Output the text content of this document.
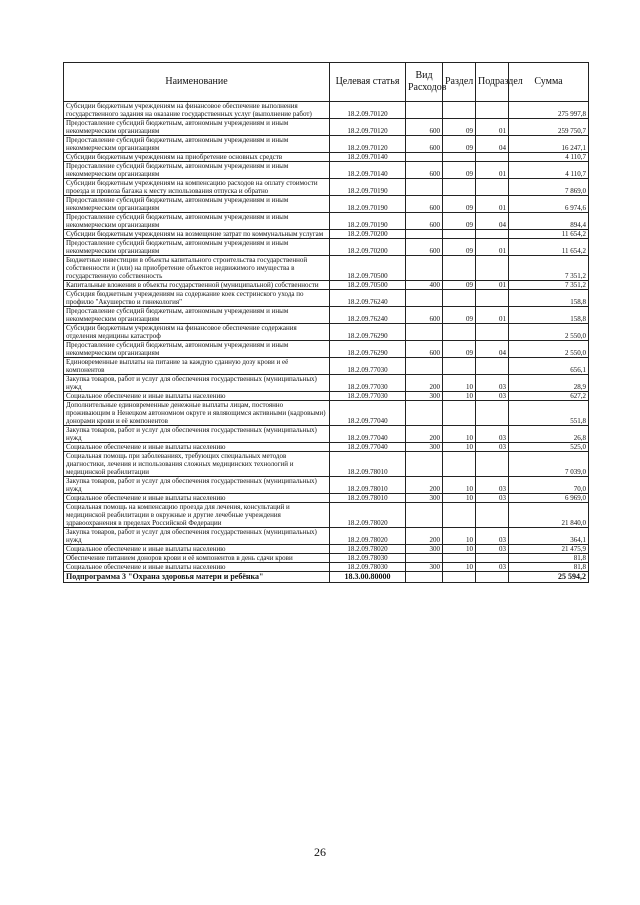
Наименование	Целевая статья	Вид Расходов	Раздел	Подраздел	Сумма
Субсидии бюджетным учреждениям на финансовое обеспечение выполнения государственного задания на оказание государственных услуг (выполнение работ)	18.2.09.70120				275 997,8
Предоставление субсидий бюджетным, автономным учреждениям и иным некоммерческим организациям	18.2.09.70120	600	09	01	259 750,7
Предоставление субсидий бюджетным, автономным учреждениям и иным некоммерческим организациям	18.2.09.70120	600	09	04	16 247,1
Субсидии бюджетным учреждениям на приобретение основных средств	18.2.09.70140				4 110,7
Предоставление субсидий бюджетным, автономным учреждениям и иным некоммерческим организациям	18.2.09.70140	600	09	01	4 110,7
Субсидии бюджетным учреждениям на компенсацию расходов на оплату стоимости проезда и провоза багажа к месту использования отпуска и обратно	18.2.09.70190				7 869,0
Предоставление субсидий бюджетным, автономным учреждениям и иным некоммерческим организациям	18.2.09.70190	600	09	01	6 974,6
Предоставление субсидий бюджетным, автономным учреждениям и иным некоммерческим организациям	18.2.09.70190	600	09	04	894,4
Субсидии бюджетным учреждениям на возмещение затрат по коммунальным услугам	18.2.09.70200				11 654,2
Предоставление субсидий бюджетным, автономным учреждениям и иным некоммерческим организациям	18.2.09.70200	600	09	01	11 654,2
Бюджетные инвестиции в объекты капитального строительства государственной собственности и (или) на приобретение объектов недвижимого имущества в государственную собственность	18.2.09.70500				7 351,2
Капитальные вложения в объекты государственной (муниципальной) собственности	18.2.09.70500	400	09	01	7 351,2
Субсидия бюджетным учреждениям на содержание коек сестринского ухода по профилю "Акушерство и гинекология"	18.2.09.76240				158,8
Предоставление субсидий бюджетным, автономным учреждениям и иным некоммерческим организациям	18.2.09.76240	600	09	01	158,8
Субсидии бюджетным учреждениям на финансовое обеспечение содержания отделения медицины катастроф	18.2.09.76290				2 550,0
Предоставление субсидий бюджетным, автономным учреждениям и иным некоммерческим организациям	18.2.09.76290	600	09	04	2 550,0
Единовременные выплаты на питание за каждую сданную дозу крови и её компонентов	18.2.09.77030				656,1
Закупка товаров, работ и услуг для обеспечения государственных (муниципальных) нужд	18.2.09.77030	200	10	03	28,9
Социальное обеспечение и иные выплаты населению	18.2.09.77030	300	10	03	627,2
Дополнительные единовременные денежные выплаты лицам, постоянно проживающим в Ненецком автономном округе и являющимся активными (кадровыми) донорами крови и её компонентов	18.2.09.77040				551,8
Закупка товаров, работ и услуг для обеспечения государственных (муниципальных) нужд	18.2.09.77040	200	10	03	26,8
Социальное обеспечение и иные выплаты населению	18.2.09.77040	300	10	03	525,0
Социальная помощь при заболеваниях, требующих специальных методов диагностики, лечения и использования сложных медицинских технологий и медицинской реабилитации	18.2.09.78010				7 039,0
Закупка товаров, работ и услуг для обеспечения государственных (муниципальных) нужд	18.2.09.78010	200	10	03	70,0
Социальное обеспечение и иные выплаты населению	18.2.09.78010	300	10	03	6 969,0
Социальная помощь на компенсацию проезда для лечения, консультаций и медицинской реабилитации в окружные и другие лечебные учреждения здравоохранения в пределах Российской Федерации	18.2.09.78020				21 840,0
Закупка товаров, работ и услуг для обеспечения государственных (муниципальных) нужд	18.2.09.78020	200	10	03	364,1
Социальное обеспечение и иные выплаты населению	18.2.09.78020	300	10	03	21 475,9
Обеспечение питанием доноров крови и её компонентов в день сдачи крови	18.2.09.78030				81,8
Социальное обеспечение и иные выплаты населению	18.2.09.78030	300	10	03	81,8
Подпрограмма 3 "Охрана здоровья матери и ребёнка"	18.3.00.80000				25 594,2
26
